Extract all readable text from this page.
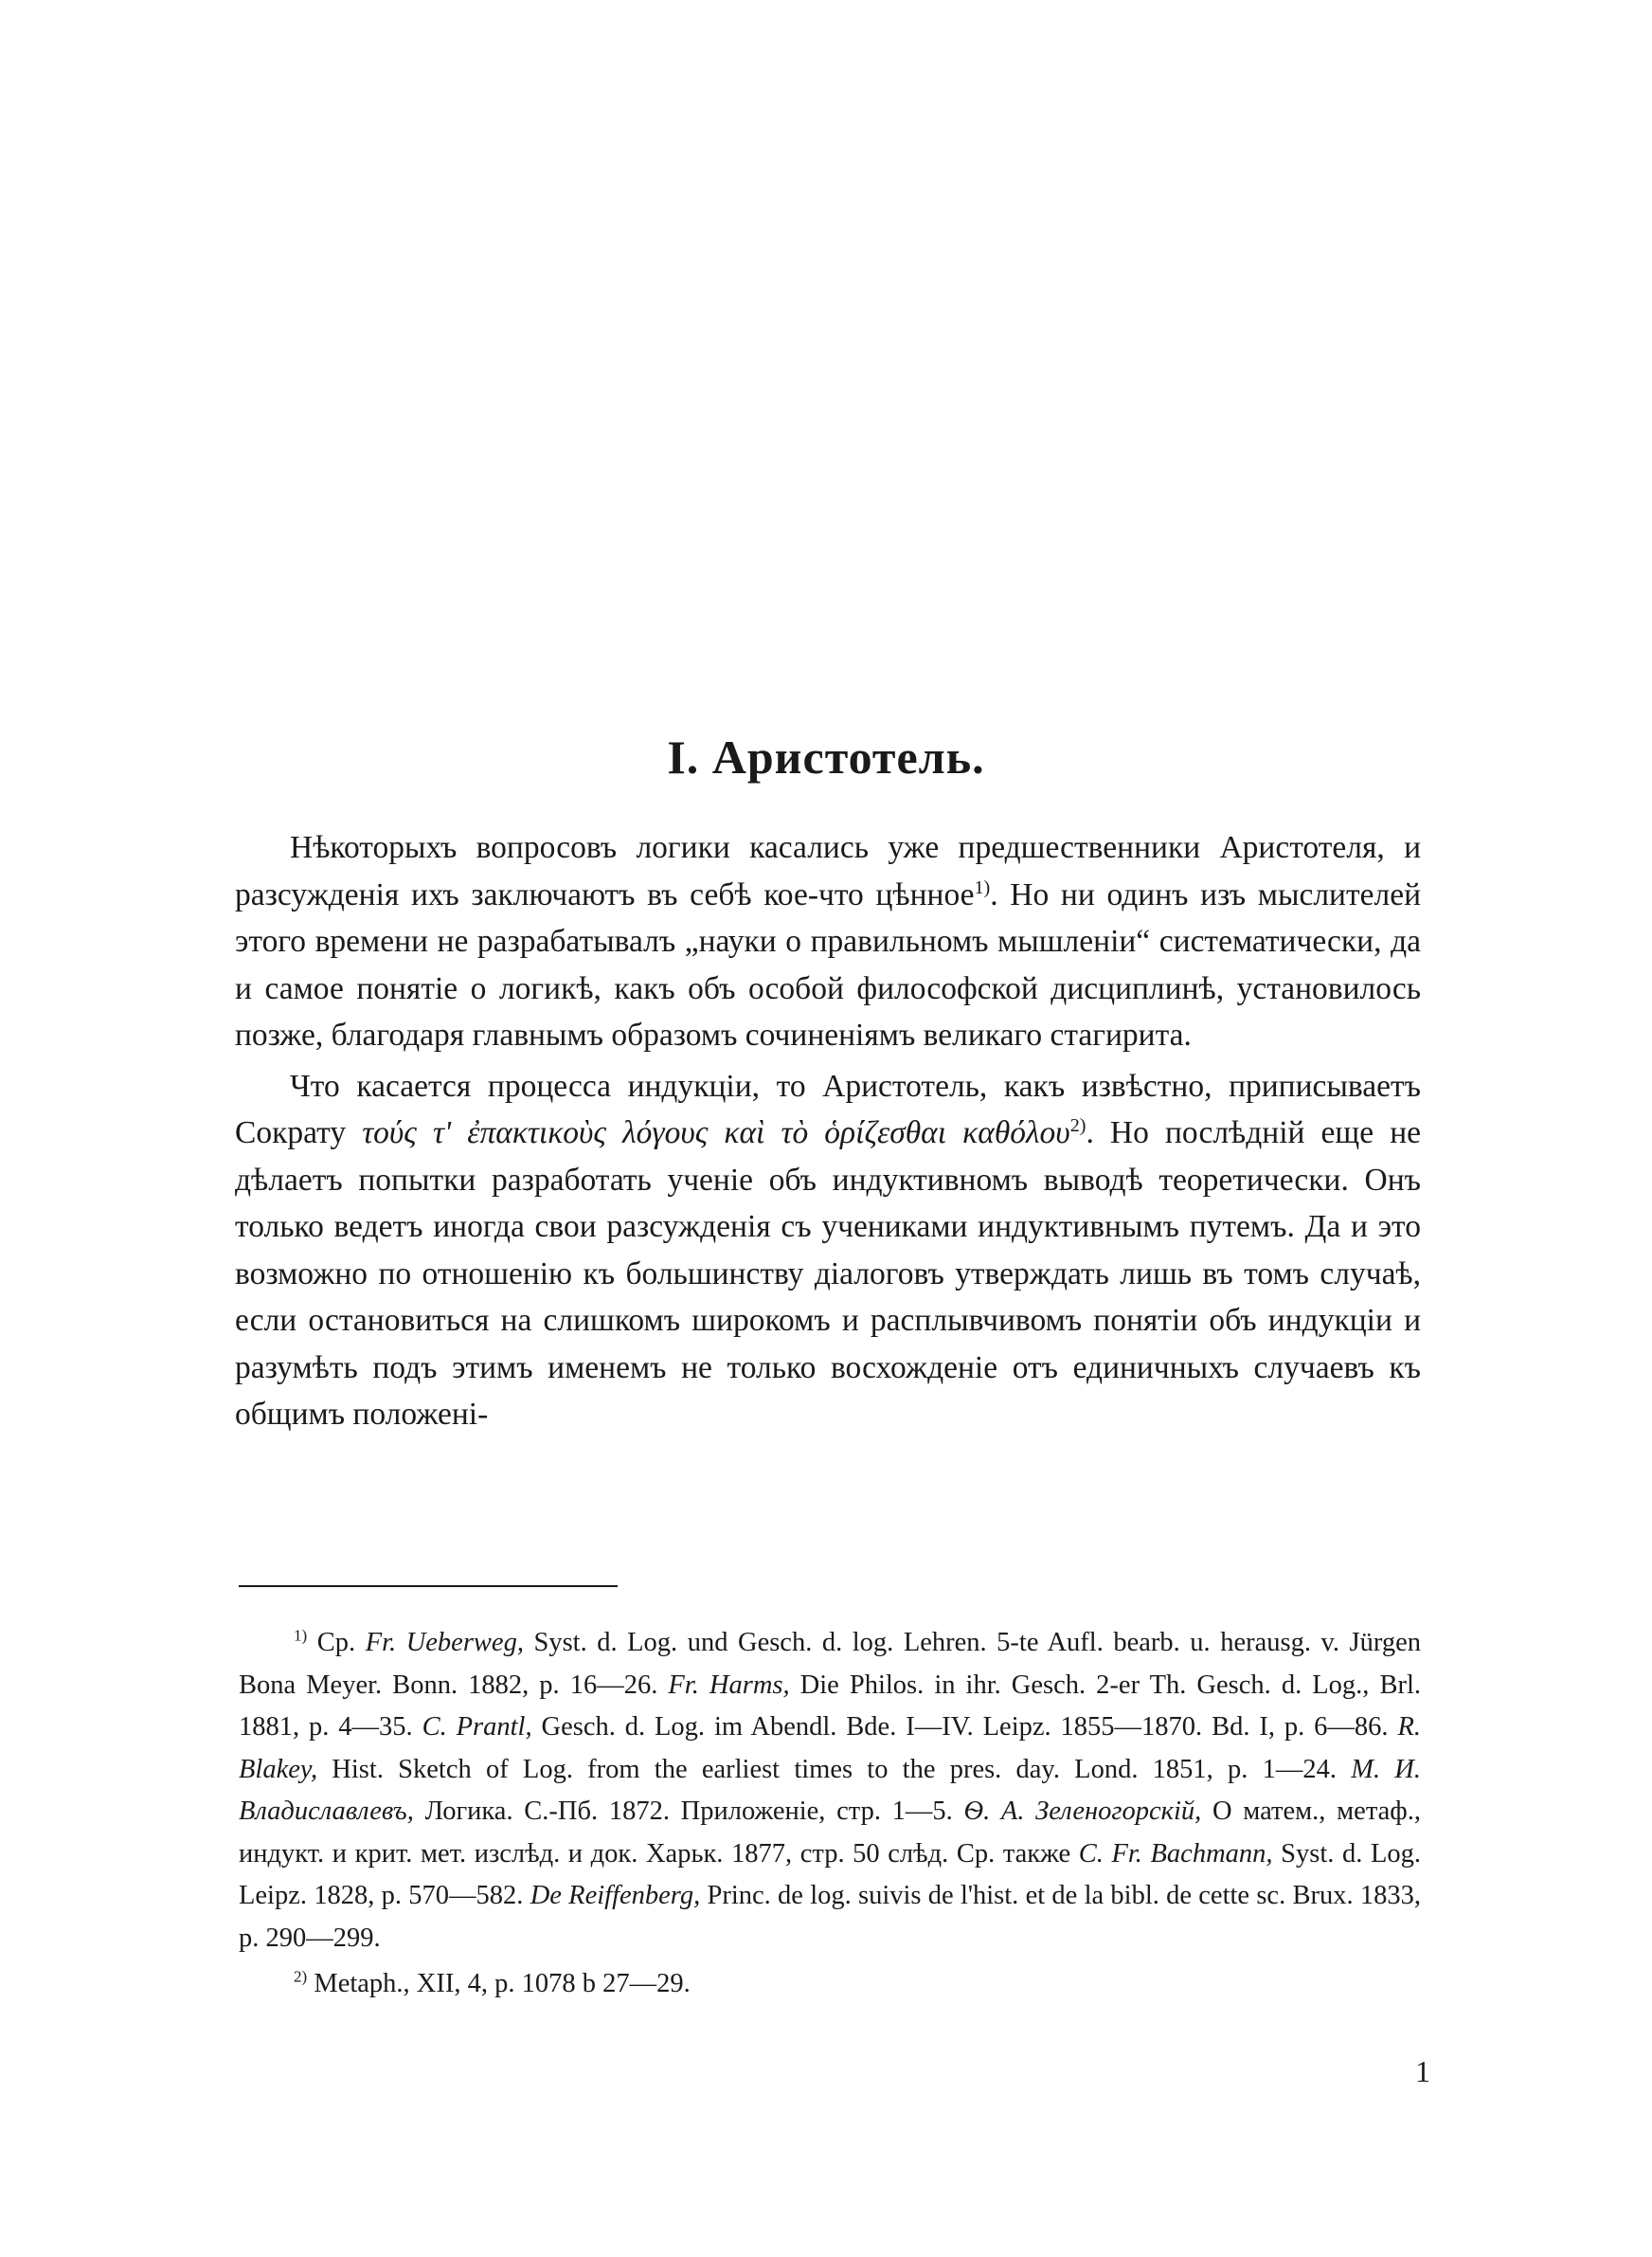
I. Аристотель.

Нѣкоторыхъ вопросовъ логики касались уже предшественники Аристотеля, и разсужденія ихъ заключаютъ въ себѣ кое-что цѣнное$^{1)}$. Но ни одинъ изъ мыслителей этого времени не разрабатывалъ „науки о правильномъ мышленіи“ систематически, да и самое понятіе о логикѣ, какъ объ особой философской дисциплинѣ, установилось позже, благодаря главнымъ образомъ сочиненіямъ великаго стагирита.

Что касается процесса индукціи, то Аристотель, какъ извѣстно, приписываетъ Сократу τούς τ' ἐπακτικοὺς λόγους καὶ τὸ ὁρίζεσθαι καθόλου$^{2)}$. Но послѣдній еще не дѣлаетъ попытки разработать ученіе объ индуктивномъ выводѣ теоретически. Онъ только ведетъ иногда свои разсужденія съ учениками индуктивнымъ путемъ. Да и это возможно по отношенію къ большинству діалоговъ утверждать лишь въ томъ случаѣ, если остановиться на слишкомъ широкомъ и расплывчивомъ понятіи объ индукціи и разумѣть подъ этимъ именемъ не только восхожденіе отъ единичныхъ случаевъ къ общимъ положені-

$^{1)}$ Ср. Fr. Ueberweg, Syst. d. Log. und Gesch. d. log. Lehren. 5-te Aufl. bearb. u. herausg. v. Jürgen Bona Meyer. Bonn. 1882, p. 16—26. Fr. Harms, Die Philos. in ihr. Gesch. 2-er Th. Gesch. d. Log., Brl. 1881, p. 4—35. C. Prantl, Gesch. d. Log. im Abendl. Bde. I—IV. Leipz. 1855—1870. Bd. I, p. 6—86. R. Blakey, Hist. Sketch of Log. from the earliest times to the pres. day. Lond. 1851, p. 1—24. М. И. Владиславлевъ, Логика. С.-Пб. 1872. Приложеніе, стр. 1—5. Ѳ. А. Зеленогорскій, О матем., метаф., индукт. и крит. мет. изслѣд. и док. Харьк. 1877, стр. 50 слѣд. Ср. также C. Fr. Bachmann, Syst. d. Log. Leipz. 1828, p. 570—582. De Reiffenberg, Princ. de log. suivis de l'hist. et de la bibl. de cette sc. Brux. 1833, p. 290—299.

$^{2)}$ Metaph., XII, 4, p. 1078 b 27—29.

1
